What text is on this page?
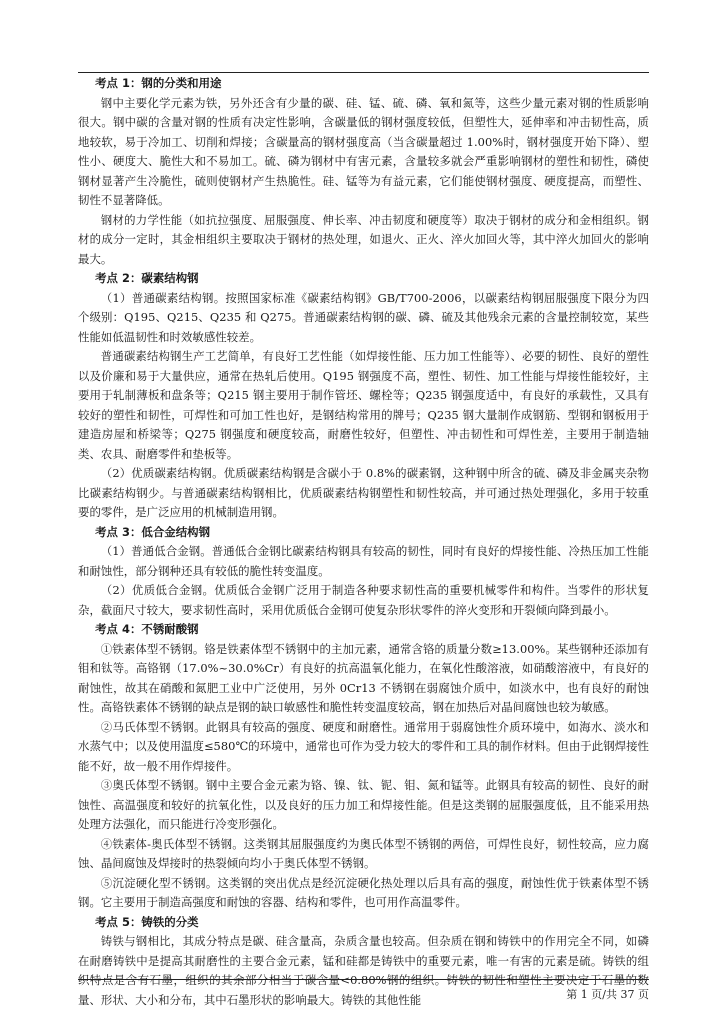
考点 1：钢的分类和用途

钢中主要化学元素为铁，另外还含有少量的碳、硅、锰、硫、磷、氧和氮等，这些少量元素对钢的性质影响很大。钢中碳的含量对钢的性质有决定性影响，含碳量低的钢材强度较低，但塑性大，延伸率和冲击韧性高，质地较软，易于冷加工、切削和焊接；含碳量高的钢材强度高（当含碳量超过 1.00%时，钢材强度开始下降）、塑性小、硬度大、脆性大和不易加工。硫、磷为钢材中有害元素，含量较多就会严重影响钢材的塑性和韧性，磷使钢材显著产生冷脆性，硫则使钢材产生热脆性。硅、锰等为有益元素，它们能使钢材强度、硬度提高，而塑性、韧性不显著降低。

钢材的力学性能（如抗拉强度、屈服强度、伸长率、冲击韧度和硬度等）取决于钢材的成分和金相组织。钢材的成分一定时，其金相组织主要取决于钢材的热处理，如退火、正火、淬火加回火等，其中淬火加回火的影响最大。

考点 2：碳素结构钢

（1）普通碳素结构钢。按照国家标准《碳素结构钢》GB/T700-2006，以碳素结构钢屈服强度下限分为四个级别：Q195、Q215、Q235 和 Q275。普通碳素结构钢的碳、磷、硫及其他残余元素的含量控制较宽，某些性能如低温韧性和时效敏感性较差。

普通碳素结构钢生产工艺简单，有良好工艺性能（如焊接性能、压力加工性能等）、必要的韧性、良好的塑性以及价廉和易于大量供应，通常在热轧后使用。Q195 钢强度不高，塑性、韧性、加工性能与焊接性能较好，主要用于轧制薄板和盘条等；Q215 钢主要用于制作管坯、螺栓等；Q235 钢强度适中，有良好的承载性，又具有较好的塑性和韧性，可焊性和可加工性也好，是钢结构常用的牌号；Q235 钢大量制作成钢筋、型钢和钢板用于建造房屋和桥梁等；Q275 钢强度和硬度较高，耐磨性较好，但塑性、冲击韧性和可焊性差，主要用于制造轴类、农具、耐磨零件和垫板等。

（2）优质碳素结构钢。优质碳素结构钢是含碳小于 0.8%的碳素钢，这种钢中所含的硫、磷及非金属夹杂物比碳素结构钢少。与普通碳素结构钢相比，优质碳素结构钢塑性和韧性较高，并可通过热处理强化，多用于较重要的零件，是广泛应用的机械制造用钢。

考点 3：低合金结构钢

（1）普通低合金钢。普通低合金钢比碳素结构钢具有较高的韧性，同时有良好的焊接性能、冷热压加工性能和耐蚀性，部分钢种还具有较低的脆性转变温度。

（2）优质低合金钢。优质低合金钢广泛用于制造各种要求韧性高的重要机械零件和构件。当零件的形状复杂，截面尺寸较大，要求韧性高时，采用优质低合金钢可使复杂形状零件的淬火变形和开裂倾向降到最小。

考点 4：不锈耐酸钢

①铁素体型不锈钢。铬是铁素体型不锈钢中的主加元素，通常含铬的质量分数≥13.00%。某些钢种还添加有钼和钛等。高铬钢（17.0%~30.0%Cr）有良好的抗高温氧化能力，在氧化性酸溶液，如硝酸溶液中，有良好的耐蚀性，故其在硝酸和氮肥工业中广泛使用，另外 0Cr13 不锈钢在弱腐蚀介质中，如淡水中，也有良好的耐蚀性。高铬铁素体不锈钢的缺点是钢的缺口敏感性和脆性转变温度较高，钢在加热后对晶间腐蚀也较为敏感。

②马氏体型不锈钢。此钢具有较高的强度、硬度和耐磨性。通常用于弱腐蚀性介质环境中，如海水、淡水和水蒸气中；以及使用温度≤580℃的环境中，通常也可作为受力较大的零件和工具的制作材料。但由于此钢焊接性能不好，故一般不用作焊接件。

③奥氏体型不锈钢。钢中主要合金元素为铬、镍、钛、铌、钼、氮和锰等。此钢具有较高的韧性、良好的耐蚀性、高温强度和较好的抗氧化性，以及良好的压力加工和焊接性能。但是这类钢的屈服强度低，且不能采用热处理方法强化，而只能进行冷变形强化。

④铁素体-奥氏体型不锈钢。这类钢其屈服强度约为奥氏体型不锈钢的两倍，可焊性良好，韧性较高，应力腐蚀、晶间腐蚀及焊接时的热裂倾向均小于奥氏体型不锈钢。

⑤沉淀硬化型不锈钢。这类钢的突出优点是经沉淀硬化热处理以后具有高的强度，耐蚀性优于铁素体型不锈钢。它主要用于制造高强度和耐蚀的容器、结构和零件，也可用作高温零件。

考点 5：铸铁的分类

铸铁与钢相比，其成分特点是碳、硅含量高，杂质含量也较高。但杂质在钢和铸铁中的作用完全不同，如磷在耐磨铸铁中是提高其耐磨性的主要合金元素，锰和硅都是铸铁中的重要元素，唯一有害的元素是硫。铸铁的组织特点是含有石墨，组织的其余部分相当于碳含量<0.80%钢的组织。铸铁的韧性和塑性主要决定于石墨的数量、形状、大小和分布，其中石墨形状的影响最大。铸铁的其他性能	第 1 页/共 37 页
